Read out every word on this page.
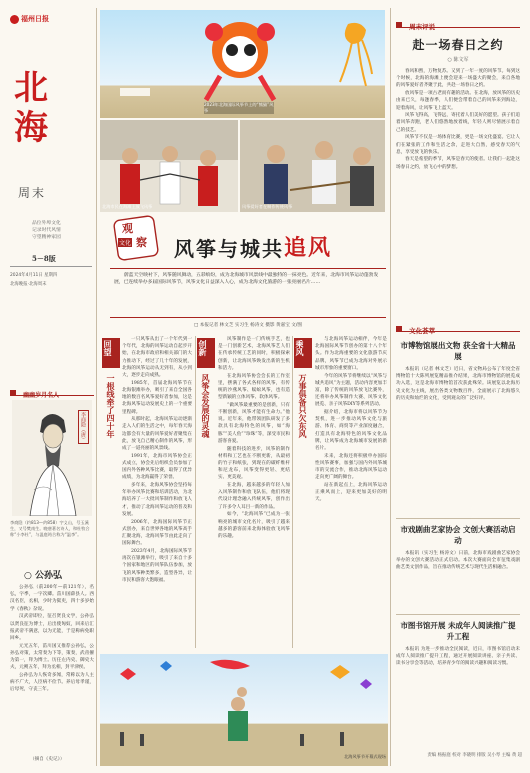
福州日报
北
海
周末
品位外埠文化
记录时代风情
守望精神家园
5－8版
2024年4月11日 星期四
北海晚报·北海周末
幽幽岁月名人
李商隐（唐）
李商隐（约813—约858）字义山，号玉溪生，又号樊南生。晚唐著名诗人，和杜牧合称“小李杜”，与温庭筠合称为“温李”。
○ 公孙弘

公孙弘（前200年—前121年），名弘，字季，一字次卿。菑川国薛县人。西汉名臣，丞相，少时为狱吏，四十多岁始学《春秋》杂说。

汉武帝即位，征召贤良文学，公孙弘以贤良征为博士，后出使匈奴，回来后汇报武帝不满意，以为无能，于是称病免职回乡。

元光五年，菑川国又推荐公孙弘，公孙弘对策，太常奏为下等，策奏，武帝擢为第一，拜为博士。历任左内史、御史大夫，元朔五年，拜为丞相，封平津侯。

公孙弘为人恢奇多闻，常称以为人主病不广大，人臣病不俭节。养后母孝谨，后母死，守丧三年。

（摘自《史记》）
2023年北海国际风筝节上的“熊猫”风筝
北海市民在海滩上放飞风筝	风筝爱好者在制作传统风筝
观
察
文化 风筝与城共 追风
蔚蓝天空映衬下，风筝随风舞动，五彩缤纷，成为北海城市风景线中最独特的一抹亮色。近年来，北海市风筝运动蓬勃发展，已连续举办多届国际风筝节，风筝文化日益深入人心，成为北海文化旅游的一张亮丽名片……
□ 本报记者 林文芝 实习生 杨涛文 摄影 黄嘉宝 文/图
回望
一根线牵了四十年

一只风筝从出了一个年代到一个年代，北海的风筝运动自起步开始，在北海市政府和相关部门的大力推动下，经过了几十年的发展，北海的风筝运动从无到有，从小到大，逐步走向成熟。

1985年，首届北海风筝节在北海银滩举办，吸引了来自全国各地的数百名风筝爱好者参加，这是北海风筝运动发展史上的一个重要里程碑。

从那时起，北海风筝运动逐渐走入人们的生活之中，每年春天海边都会有大量的风筝爱好者聚集在此，放飞自己精心制作的风筝，形成了一道亮丽的风景线。

1991年，北海市风筝协会正式成立，协会先后组织会员参加了国内外各种风筝比赛，取得了优异成绩，为北海赢得了荣誉。

多年来，北海风筝协会坚持每年举办风筝比赛和培训活动，为北海培养了一大批风筝制作和放飞人才，推动了北海风筝运动的普及和发展。

2006年，北海国际风筝节正式创办，来自世界各地的风筝高手汇聚北海，北海风筝节由此走向了国际舞台。

2023年4月，北海国际风筝节再次在银滩举行，吸引了来自十多个国家和地区的风筝队伍参加，放飞的风筝种类繁多，造型各异，让市民和游客大饱眼福。

创新
风筝会发展的灵魂

风筝制作是一门传统手艺，也是一门创新艺术，北海风筝艺人们在传承传统工艺的同时，积极探索创新，让北海风筝焕发出新的生机和活力。

在北海风筝协会会长的工作室里，摆满了各式各样的风筝，有传统的沙燕风筝、蜈蚣风筝，也有造型新颖的立体风筝、软体风筝。

“做风筝最重要的是创新，只有不断创新，风筝才能有生命力。”他说。近年来，他带领团队研发了多款具有北海特色的风筝，如“海豚”“美人鱼”“珍珠”等，深受市民和游客喜爱。

随着科技的进步，风筝的制作材料和工艺也在不断更新，从最初的竹子和纸张，到现在的碳纤维杆和尼龙布，风筝变得更轻、更结实、更美观。

在北海，越来越多的年轻人加入风筝制作和放飞队伍，他们将现代设计理念融入传统风筝，创作出了许多令人耳目一新的作品。

如今，“北海风筝”已成为一张响亮的城市文化名片，吸引了越来越多的游客前来北海体验放飞风筝的乐趣。

乘风
万事俱备只欠东风

与北海风筝运动相伴，今年是北海国际风筝节创办的第十八个年头。作为北海重要的文化旅游节庆品牌，风筝节已成为北海对外展示城市形象的重要窗口。

今年的风筝节将继续以“风筝与城共追风”为主题，活动内容更加丰富，除了传统的风筝放飞比赛外，还将举办风筝制作大赛、风筝文化展览、亲子风筝DIY等系列活动。

据介绍，北海市将以风筝节为契机，进一步推动风筝文化与旅游、体育、商贸等产业深度融合，打造具有北海特色的风筝文化品牌，让风筝成为北海城市发展的新名片。

未来，北海还将积极申办国际性风筝赛事，加强与国内外风筝城市的交流合作，推动北海风筝运动走向更广阔的舞台。

站在新起点上，北海风筝运动正乘风而上，迎来更加美好的明天。

北海风筝节开幕式现场
周末评说
赴一场春日之约
○ 陈文军

春风和煦，万物复苏。又到了一年一度的风筝节。每到这个时候，北海的海滩上便会迎来一场盛大的聚会，来自各地的风筝爱好者齐聚于此，共赴一场春日之约。

放风筝是一项古老而有趣的活动。在北海，放风筝的历史由来已久，每逢春季，人们便会带着自己的风筝来到海边，迎着海风，让风筝飞上蓝天。

风筝飞得高，飞得远，寄托着人们美好的愿望。孩子们追着风筝奔跑，老人们悠然地放着线，年轻人则尽情展示着自己的技艺。

风筝节不仅是一场体育比赛，更是一场文化盛宴。它让人们在紧张的工作和生活之余，走进大自然，感受春天的气息，享受放飞的快乐。

春天是希望的季节，风筝是春天的使者。让我们一起赴这场春日之约，放飞心中的梦想。

文化荟萃
市博物馆展出文物 获全省十大精品展
本报讯（记者 林文芝）近日，省文物局公布了年度全省博物馆十大陈列展览精品推介结果，北海市博物馆的展览成功入选，这是北海市博物馆首次获此殊荣。该展览以北海历史文化为主线，展出各类文物数百件，全面展示了北海悠久的历史和灿烂的文化，受到观众的广泛好评。
市戏剧曲艺家协会 文创大赛活动启动
本报讯（实习生 杨涛文）日前，北海市戏剧曲艺家协会举办的文创大赛活动正式启动。本次大赛面向全市征集戏剧曲艺类文创作品，旨在推动传统艺术与现代生活相融合。
市图书馆开展 未成年人阅读推广提升工程
本报讯 为进一步推动全民阅读，近日，市图书馆启动未成年人阅读推广提升工程，通过开展阅读讲座、亲子共读、读书分享会等活动，培养青少年的阅读兴趣和阅读习惯。
责编 杨振庭 校对 李晓明 排版 吴小琴 主编 黄 超
